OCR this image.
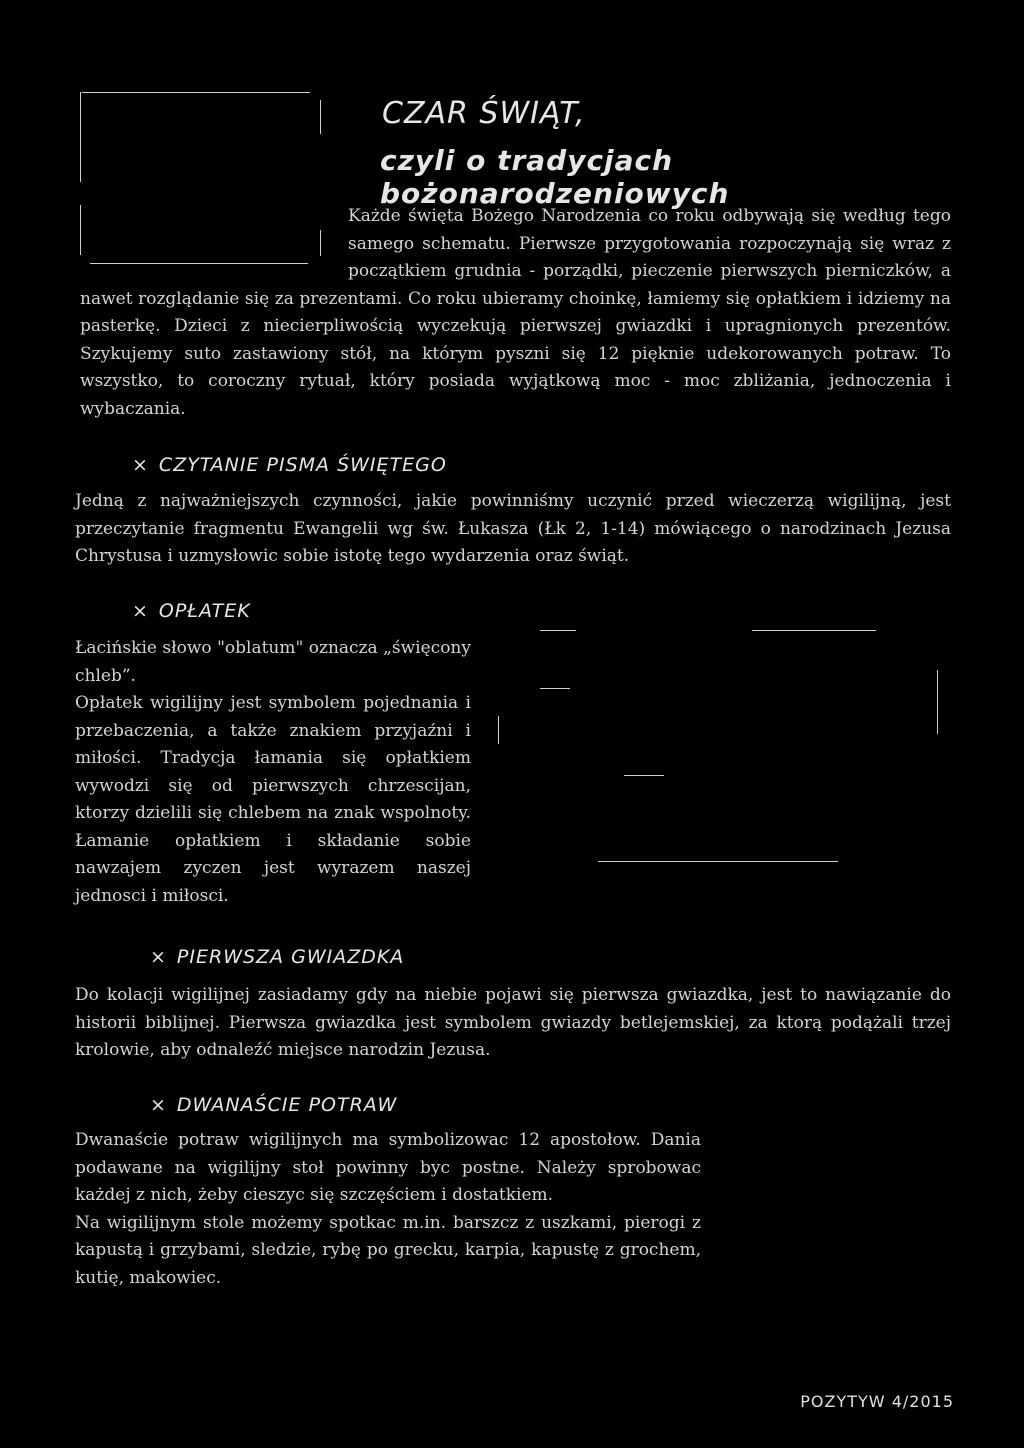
CZAR ŚWIĄT,
czyli o tradycjach bożonarodzeniowych

Każde święta Bożego Narodzenia co roku odbywają się według tego samego schematu. Pierwsze przygotowania rozpoczynają się wraz z początkiem grudnia - porządki, pieczenie pierwszych pierniczków, a nawet rozglądanie się za prezentami. Co roku ubieramy choinkę, łamiemy się opłatkiem i idziemy na pasterkę. Dzieci z niecierpliwością wyczekują pierwszej gwiazdki i upragnionych prezentów. Szykujemy suto zastawiony stół, na którym pyszni się 12 pięknie udekorowanych potraw. To wszystko, to coroczny rytuał, który posiada wyjątkową moc - moc zbliżania, jednoczenia i wybaczania.

× CZYTANIE PISMA ŚWIĘTEGO

Jedną z najważniejszych czynności, jakie powinniśmy uczynić przed wieczerzą wigilijną, jest przeczytanie fragmentu Ewangelii wg św. Łukasza (Łk 2, 1-14) mówiącego o narodzinach Jezusa Chrystusa i uzmysłowic sobie istotę tego wydarzenia oraz świąt.

× OPŁATEK

Łacińskie słowo "oblatum" oznacza „święcony chleb”.

Opłatek wigilijny jest symbolem pojednania i przebaczenia, a także znakiem przyjaźni i miłości. Tradycja łamania się opłatkiem wywodzi się od pierwszych chrzescijan, ktorzy dzielili się chlebem na znak wspolnoty. Łamanie opłatkiem i składanie sobie nawzajem zyczen jest wyrazem naszej jednosci i miłosci.

× PIERWSZA GWIAZDKA

Do kolacji wigilijnej zasiadamy gdy na niebie pojawi się pierwsza gwiazdka, jest to nawiązanie do historii biblijnej. Pierwsza gwiazdka jest symbolem gwiazdy betlejemskiej, za ktorą podążali trzej krolowie, aby odnaleźć miejsce narodzin Jezusa.

× DWANAŚCIE POTRAW

Dwanaście potraw wigilijnych ma symbolizowac 12 apostołow. Dania podawane na wigilijny stoł powinny byc postne. Należy sprobowac każdej z nich, żeby cieszyc się szczęściem i dostatkiem.

Na wigilijnym stole możemy spotkac m.in. barszcz z uszkami, pierogi z kapustą i grzybami, sledzie, rybę po grecku, karpia, kapustę z grochem, kutię, makowiec.

POZYTYW 4/2015
